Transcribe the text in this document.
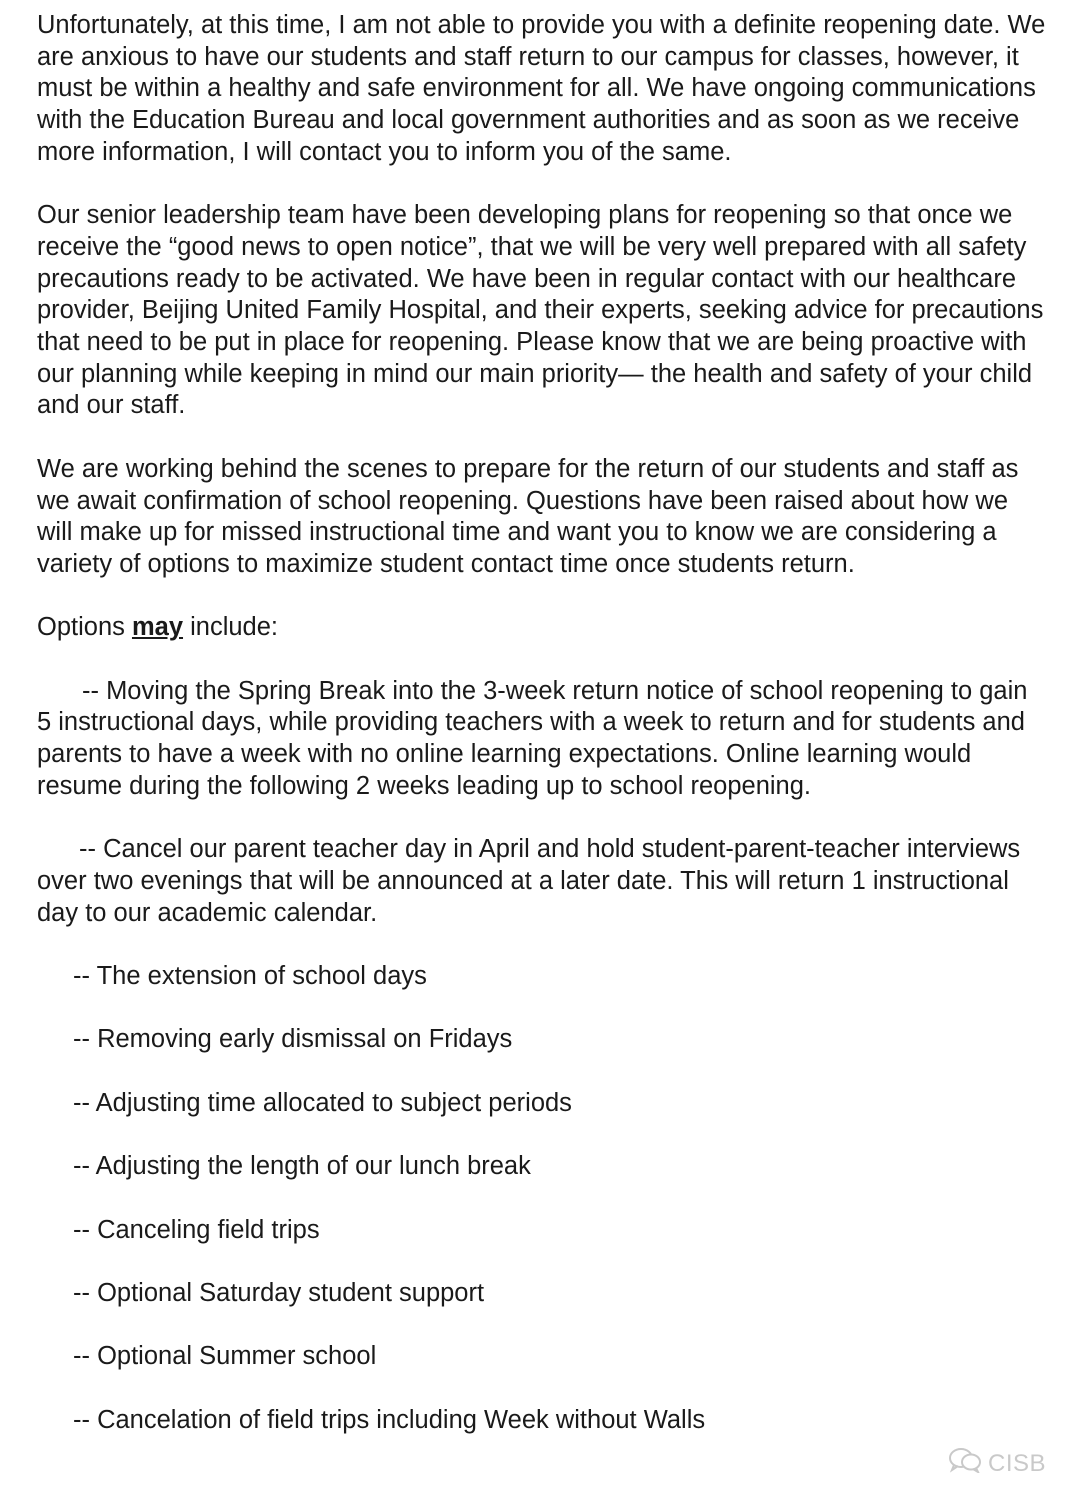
Unfortunately, at this time, I am not able to provide you with a definite reopening date. We are anxious to have our students and staff return to our campus for classes, however, it must be within a healthy and safe environment for all. We have ongoing communications with the Education Bureau and local government authorities and as soon as we receive more information, I will contact you to inform you of the same.

Our senior leadership team have been developing plans for reopening so that once we receive the “good news to open notice”, that we will be very well prepared with all safety precautions ready to be activated. We have been in regular contact with our healthcare provider, Beijing United Family Hospital, and their experts, seeking advice for precautions that need to be put in place for reopening. Please know that we are being proactive with our planning while keeping in mind our main priority— the health and safety of your child and our staff.

We are working behind the scenes to prepare for the return of our students and staff as we await confirmation of school reopening. Questions have been raised about how we will make up for missed instructional time and want you to know we are considering a variety of options to maximize student contact time once students return.

Options may include:

-- Moving the Spring Break into the 3-week return notice of school reopening to gain 5 instructional days, while providing teachers with a week to return and for students and parents to have a week with no online learning expectations. Online learning would resume during the following 2 weeks leading up to school reopening.

-- Cancel our parent teacher day in April and hold student-parent-teacher interviews over two evenings that will be announced at a later date. This will return 1 instructional day to our academic calendar.

-- The extension of school days

-- Removing early dismissal on Fridays

-- Adjusting time allocated to subject periods

-- Adjusting the length of our lunch break

-- Canceling field trips

-- Optional Saturday student support

-- Optional Summer school

-- Cancelation of field trips including Week without Walls

CISB
